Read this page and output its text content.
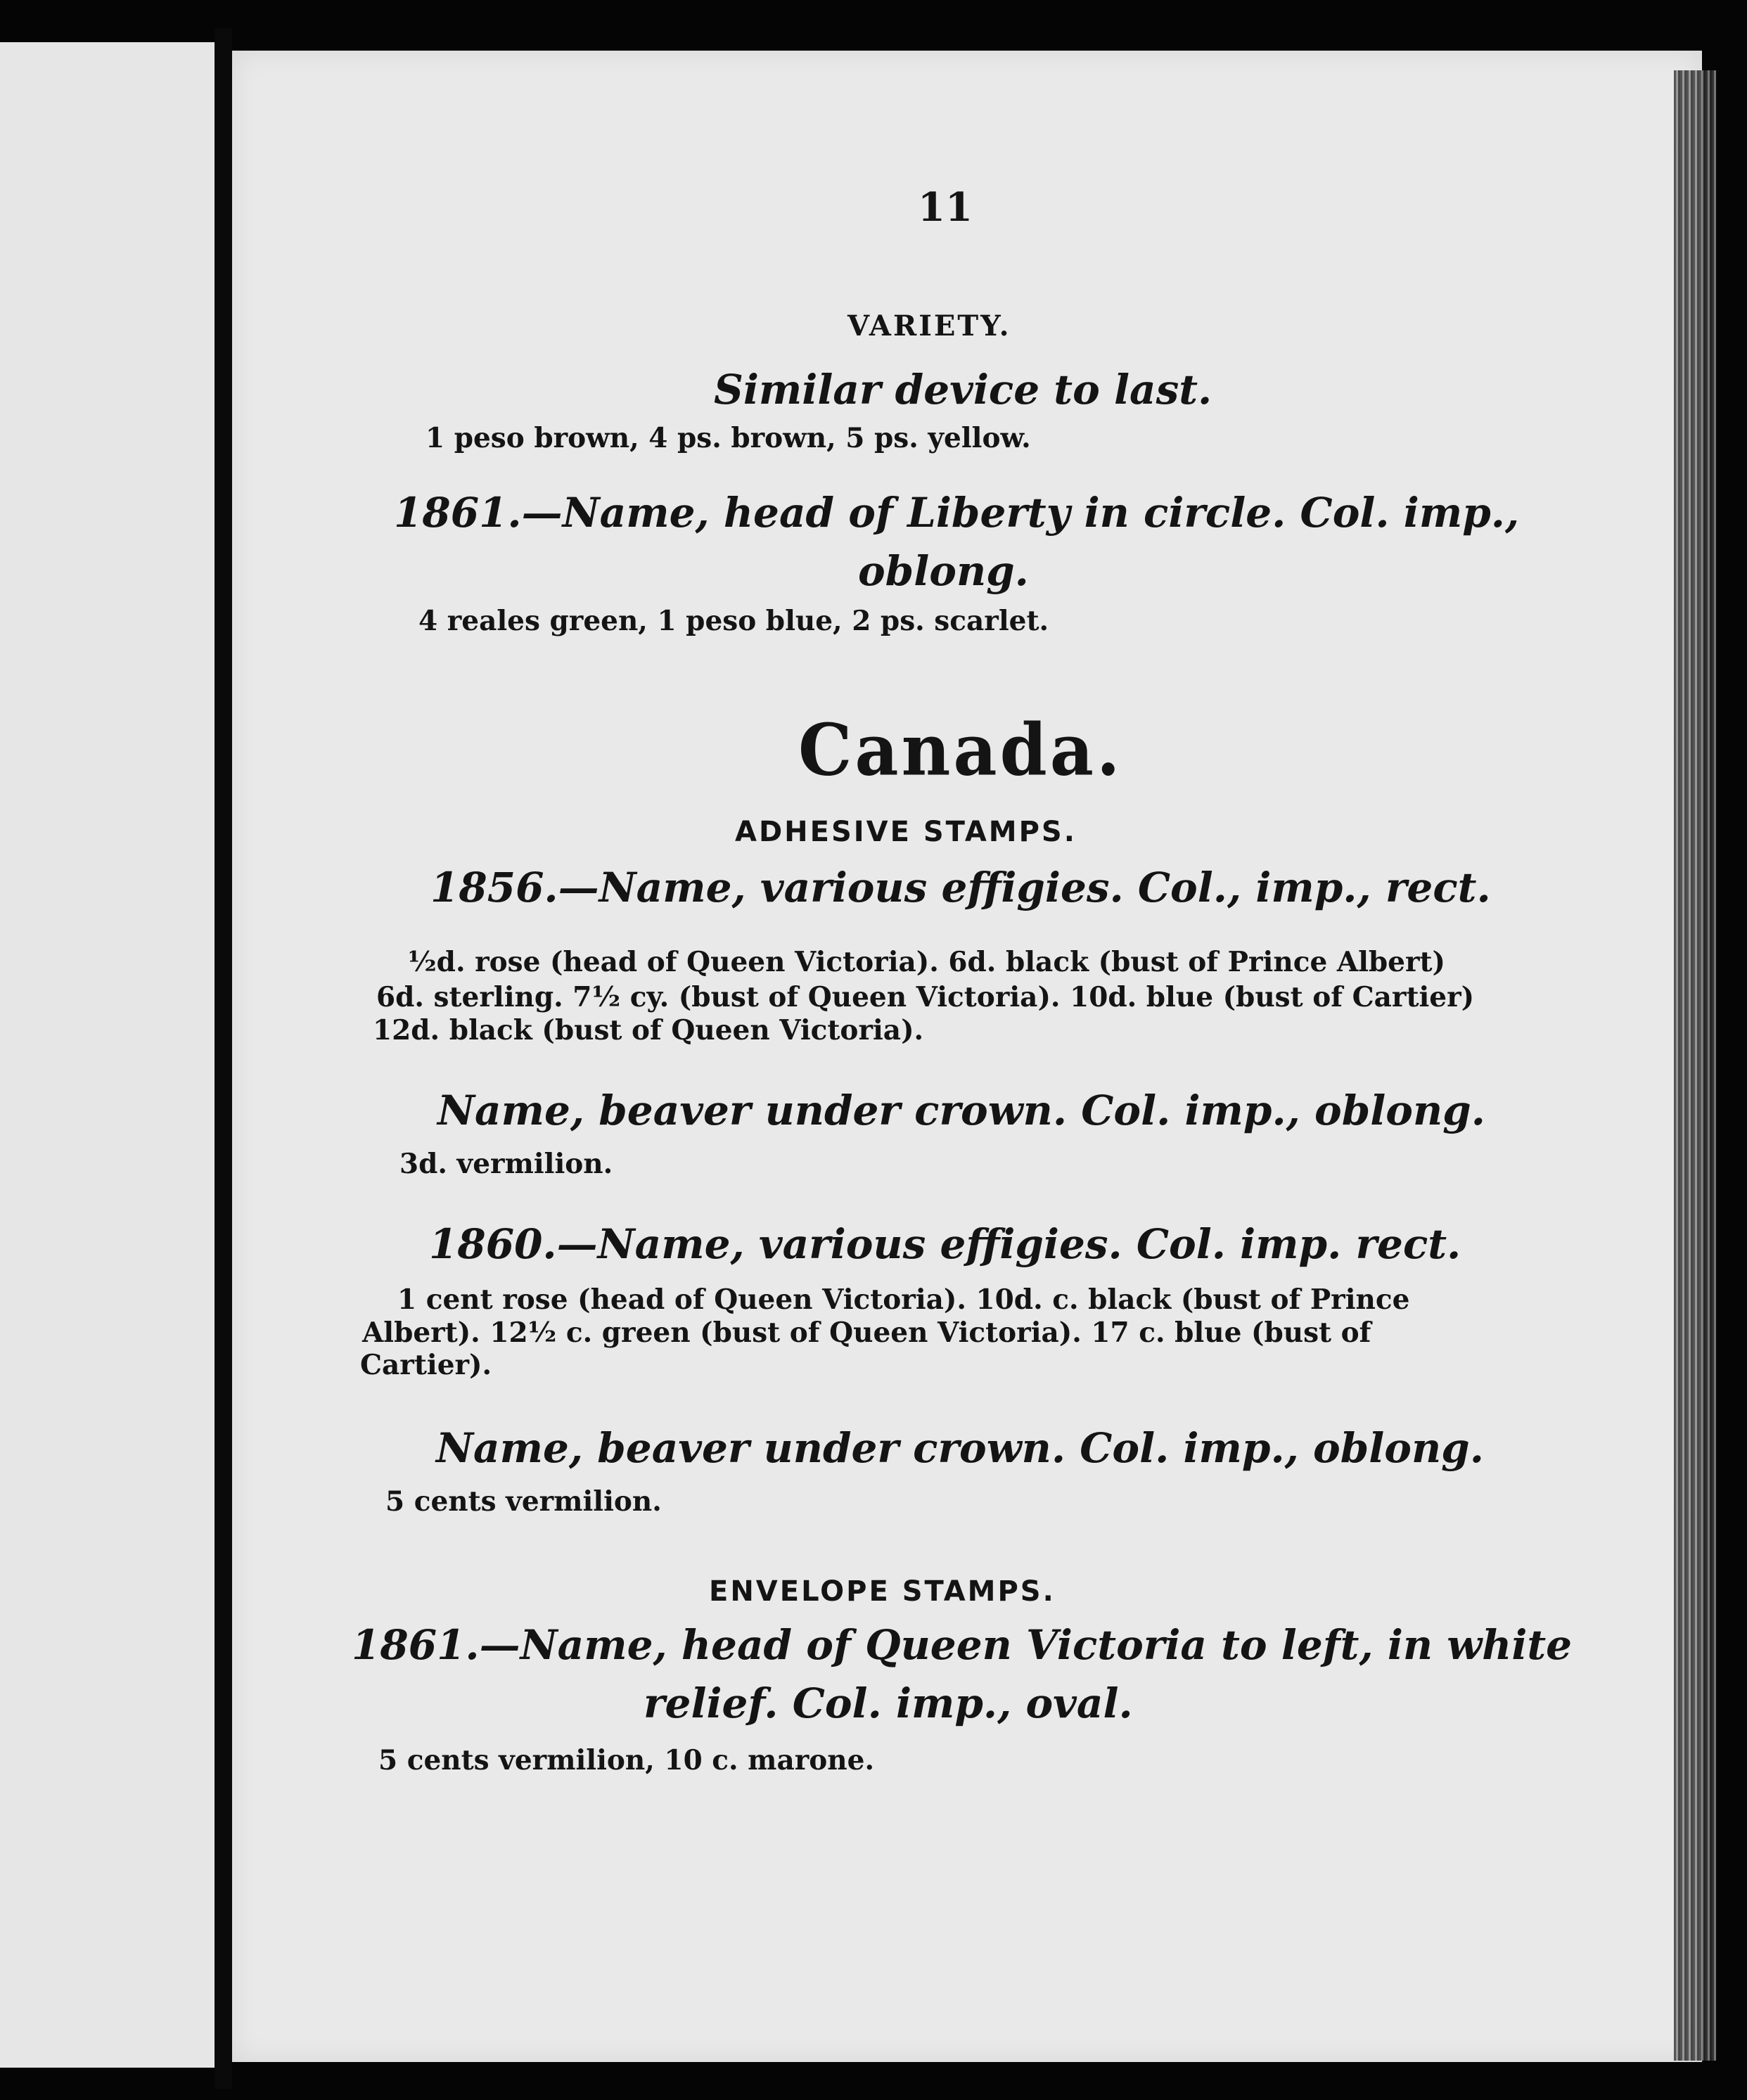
11
VARIETY.
Similar device to last.
1 peso brown, 4 ps. brown, 5 ps. yellow.
1861.—Name, head of Liberty in circle. Col. imp.,
oblong.
4 reales green, 1 peso blue, 2 ps. scarlet.
Canada.
ADHESIVE STAMPS.
1856.—Name, various effigies. Col., imp., rect.
½d. rose (head of Queen Victoria). 6d. black (bust of Prince Albert)
6d. sterling. 7½ cy. (bust of Queen Victoria). 10d. blue (bust of Cartier)
12d. black (bust of Queen Victoria).
Name, beaver under crown. Col. imp., oblong.
3d. vermilion.
1860.—Name, various effigies. Col. imp. rect.
1 cent rose (head of Queen Victoria). 10d. c. black (bust of Prince
Albert). 12½ c. green (bust of Queen Victoria). 17 c. blue (bust of
Cartier).
Name, beaver under crown. Col. imp., oblong.
5 cents vermilion.
ENVELOPE STAMPS.
1861.—Name, head of Queen Victoria to left, in white
relief. Col. imp., oval.
5 cents vermilion, 10 c. marone.
